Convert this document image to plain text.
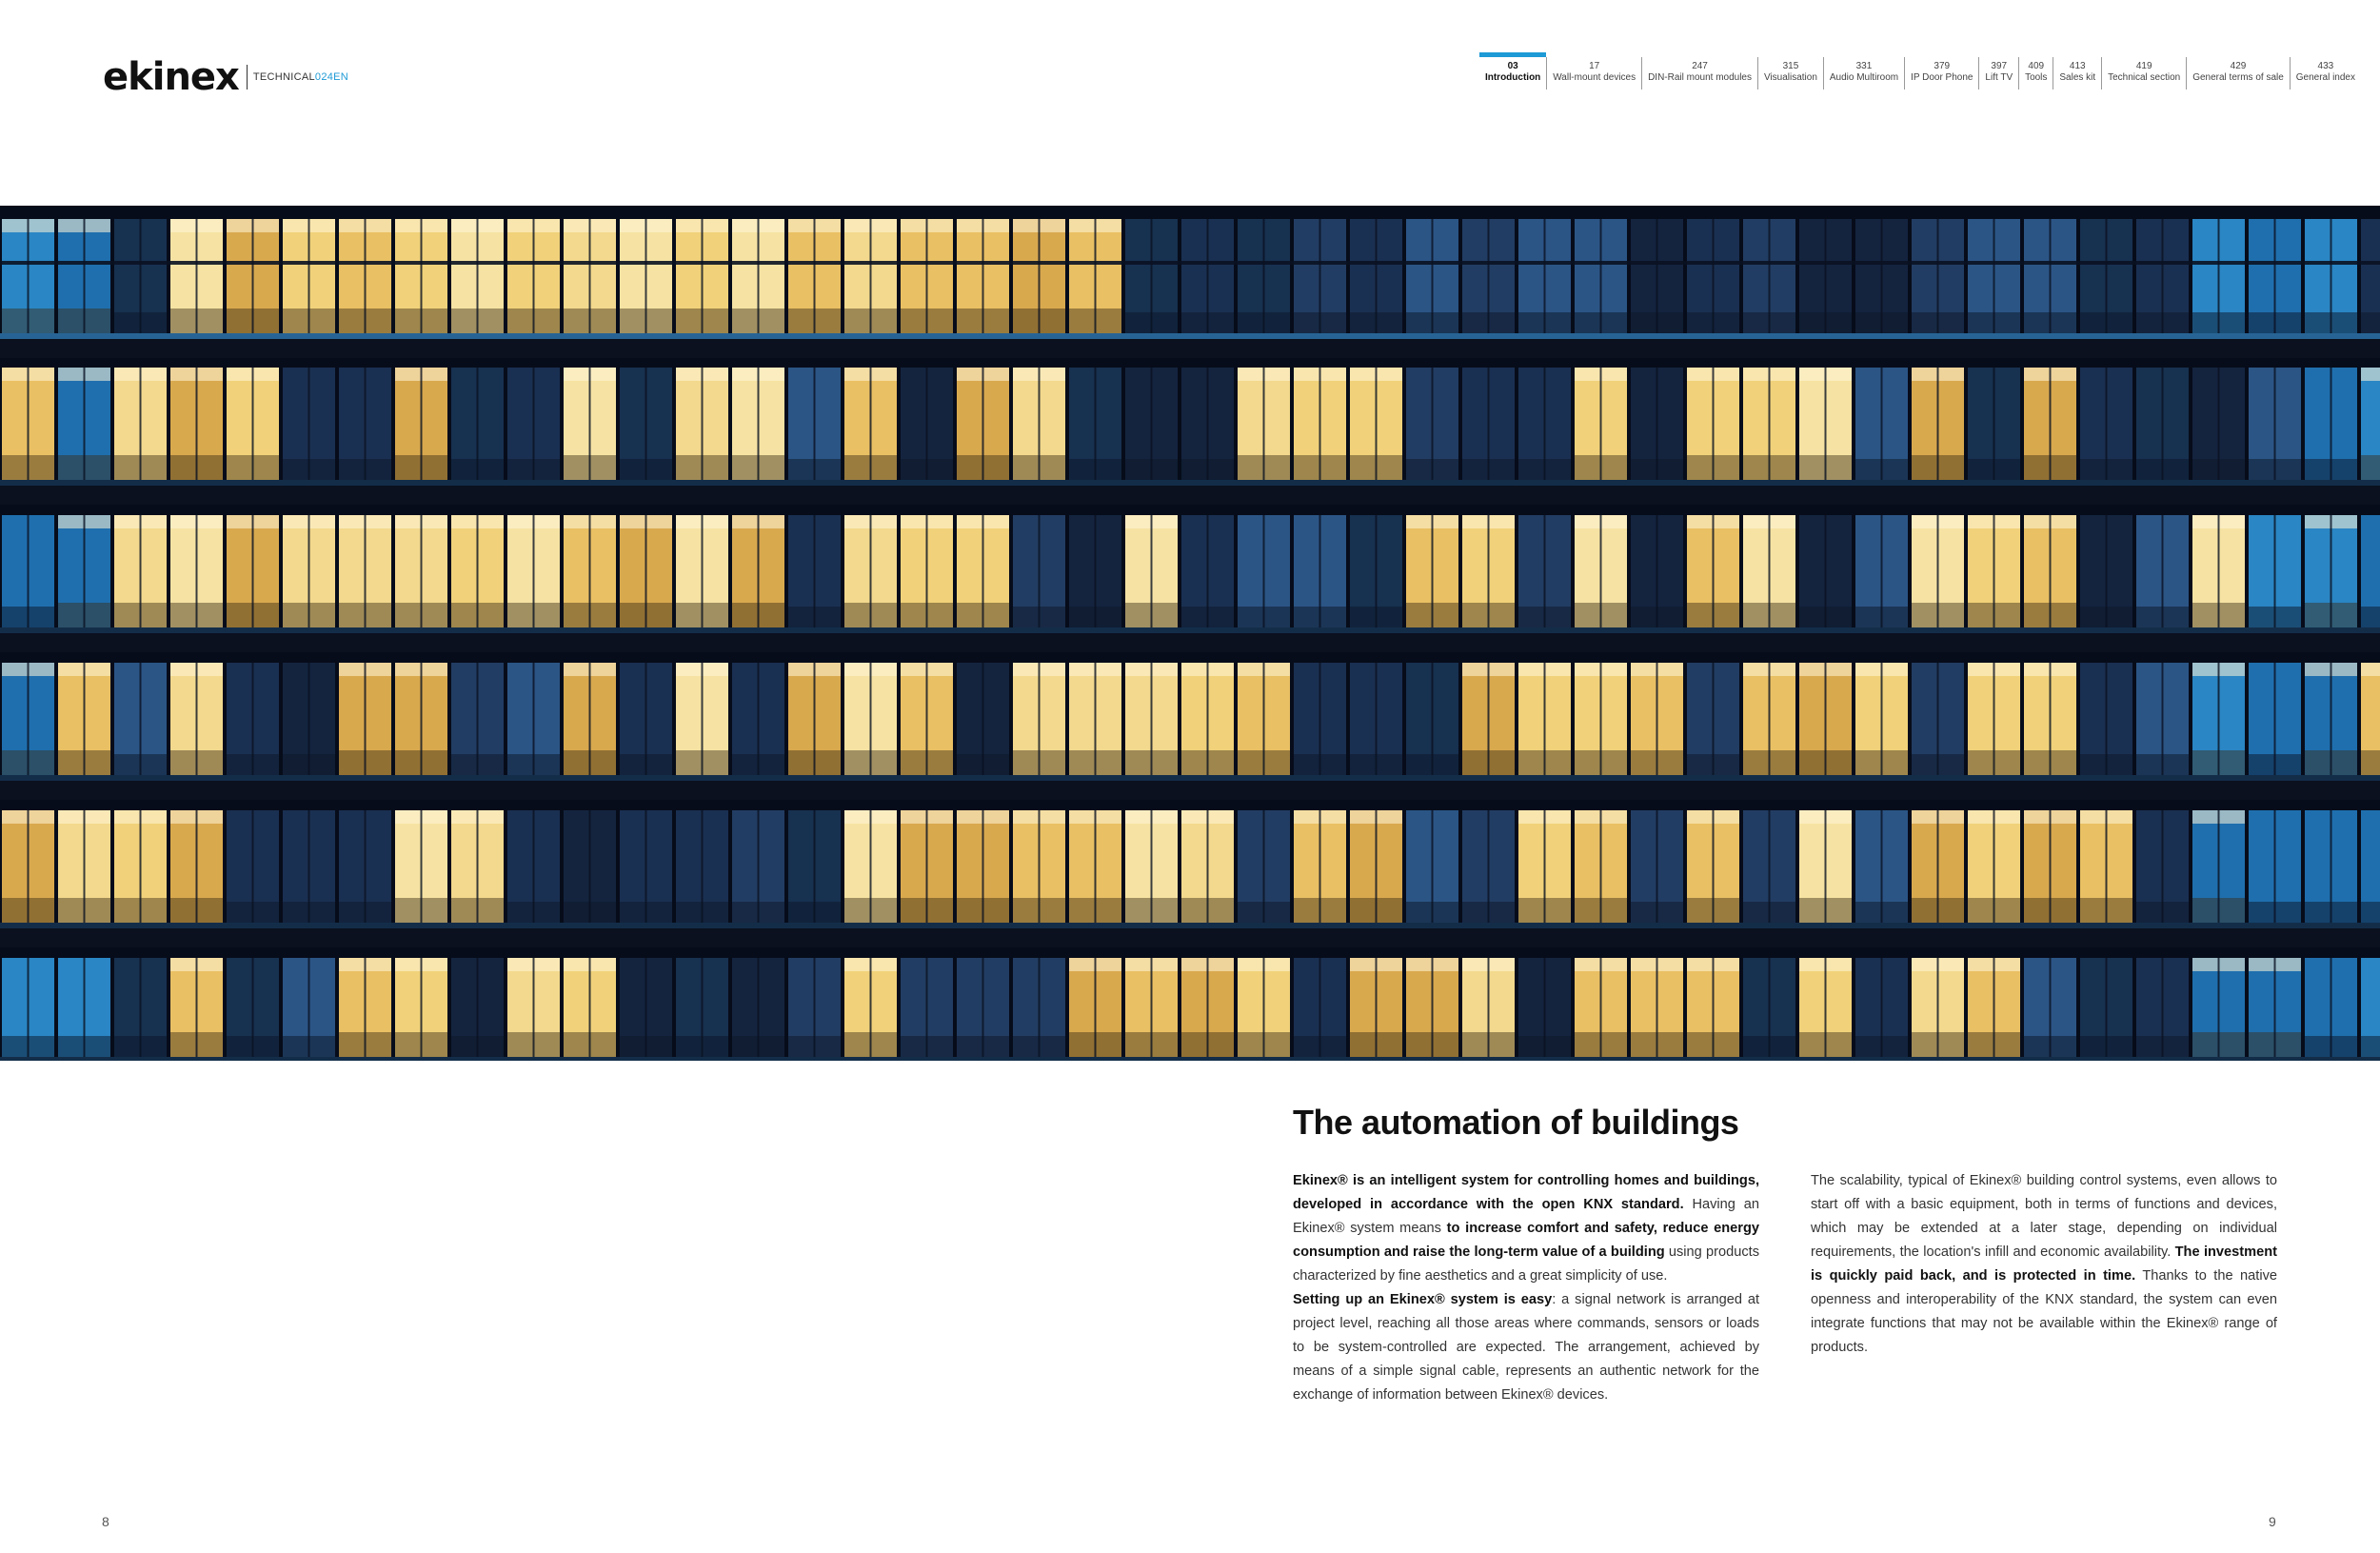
ekinex TECHNICAL024EN
03
Introduction
17
Wall-mount devices
247
DIN-Rail mount modules
315
Visualisation
331
Audio Multiroom
379
IP Door Phone
397
Lift TV
409
Tools
413
Sales kit
419
Technical section
429
General terms of sale
433
General index
The automation of buildings

Ekinex® is an intelligent system for controlling homes and buildings, developed in accordance with the open KNX standard. Having an Ekinex® system means to increase comfort and safety, reduce energy consumption and raise the long-term value of a building using products characterized by fine aesthetics and a great simplicity of use.

Setting up an Ekinex® system is easy: a signal network is arranged at project level, reaching all those areas where commands, sensors or loads to be system-controlled are expected. The arrangement, achieved by means of a simple signal cable, represents an authentic network for the exchange of information between Ekinex® devices.

The scalability, typical of Ekinex® building control systems, even allows to start off with a basic equipment, both in terms of functions and devices, which may be extended at a later stage, depending on individual requirements, the location's infill and economic availability. The investment is quickly paid back, and is protected in time. Thanks to the native openness and interoperability of the KNX standard, the system can even integrate functions that may not be available within the Ekinex® range of products.

8	9
